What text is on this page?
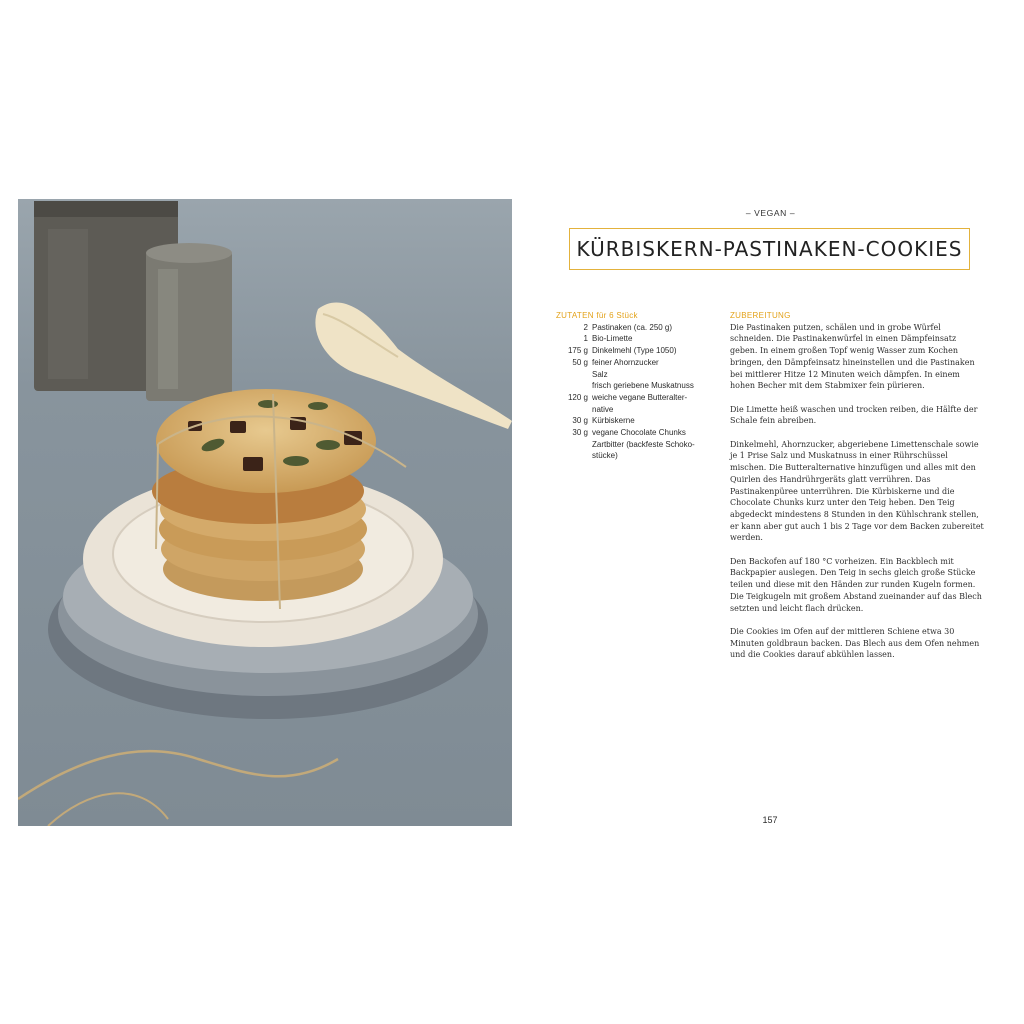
– VEGAN –
KÜRBISKERN-PASTINAKEN-COOKIES
ZUTATEN für 6 Stück
2 Pastinaken (ca. 250 g)
1 Bio-Limette
175 g Dinkelmehl (Type 1050)
50 g feiner Ahornzucker
Salz
frisch geriebene Muskatnuss
120 g weiche vegane Butteralter-
native
30 g Kürbiskerne
30 g vegane Chocolate Chunks
Zartbitter (backfeste Schoko-
stücke)
ZUBEREITUNG

Die Pastinaken putzen, schälen und in grobe Würfel schneiden. Die Pastinakenwürfel in einen Dämpfeinsatz geben. In einem großen Topf wenig Wasser zum Kochen bringen, den Dämpfeinsatz hineinstellen und die Pastinaken bei mittlerer Hitze 12 Minuten weich dämpfen. In einem hohen Becher mit dem Stabmixer fein pürieren.

Die Limette heiß waschen und trocken reiben, die Hälfte der Schale fein abreiben.

Dinkelmehl, Ahornzucker, abgeriebene Limettenschale sowie je 1 Prise Salz und Muskatnuss in einer Rührschüssel mischen. Die Butteralternative hinzufügen und alles mit den Quirlen des Handrührgeräts glatt verrühren. Das Pastinakenpüree unterrühren. Die Kürbiskerne und die Chocolate Chunks kurz unter den Teig heben. Den Teig abgedeckt mindestens 8 Stunden in den Kühlschrank stellen, er kann aber gut auch 1 bis 2 Tage vor dem Backen zubereitet werden.

Den Backofen auf 180 °C vorheizen. Ein Backblech mit Backpapier auslegen. Den Teig in sechs gleich große Stücke teilen und diese mit den Händen zur runden Kugeln formen. Die Teigkugeln mit großem Abstand zueinander auf das Blech setzten und leicht flach drücken.

Die Cookies im Ofen auf der mittleren Schiene etwa 30 Minuten goldbraun backen. Das Blech aus dem Ofen nehmen und die Cookies darauf abkühlen lassen.

157
